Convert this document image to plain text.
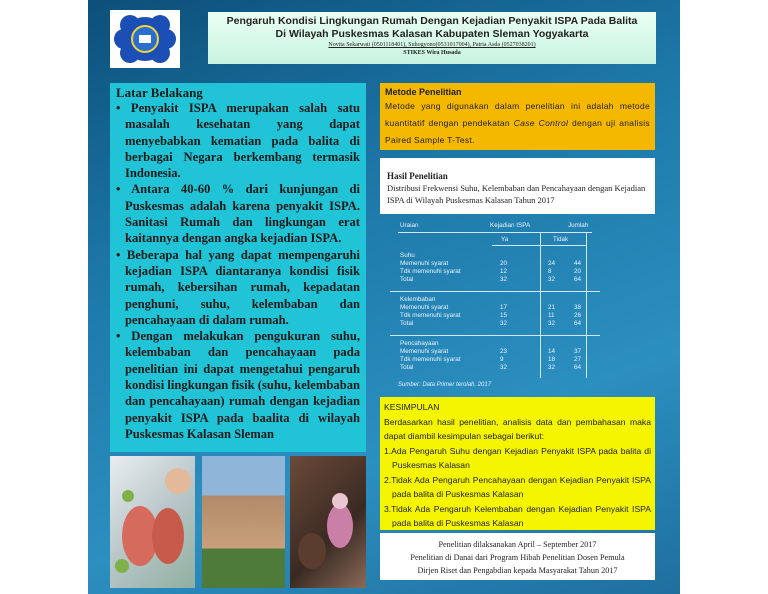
Pengaruh Kondisi Lingkungan Rumah Dengan Kejadian Penyakit ISPA Pada Balita
Di Wilayah Puskesmas Kalasan Kabupaten Sleman Yogyakarta
Novita Sekarwati (0501118401), Suhogyono(0531017004), Patria Asda (0527038201)
STIKES Wira Husada
Latar Belakang
• Penyakit ISPA merupakan salah satu masalah kesehatan yang dapat menyebabkan kematian pada balita di berbagai Negara berkembang termasik Indonesia.
• Antara 40-60 % dari kunjungan di Puskesmas adalah karena penyakit ISPA. Sanitasi Rumah dan lingkungan erat kaitannya dengan angka kejadian ISPA.
• Beberapa hal yang dapat mempengaruhi kejadian ISPA diantaranya kondisi fisik rumah, kebersihan rumah, kepadatan penghuni, suhu, kelembaban dan pencahayaan di dalam rumah.
• Dengan melakukan pengukuran suhu, kelembaban dan pencahayaan pada penelitian ini dapat mengetahui pengaruh kondisi lingkungan fisik (suhu, kelembaban dan pencahayaan) rumah dengan kejadian penyakit ISPA pada baalita di wilayah Puskesmas Kalasan Sleman
Metode Penelitian

Metode yang digunakan dalam penelitian ini adalah metode kuantitatif dengan pendekatan Case Control dengan uji analisis Paired Sample T-Test.

Hasil Penelitian

Distribusi Frekwensi Suhu, Kelembaban dan Pencahayaan dengan Kejadian ISPA di Wilayah Puskesmas Kalasan Tahun 2017

Uraian	Kejadian ISPA	Jumlah
Ya	Tidak
Suhu
Memenuhi syarat	20	24	44
Tdk memenuhi syarat	12	8	20
Total	32	32	64
Kelembaban
Memenuhi syarat	17	21	38
Tdk memenuhi syarat	15	11	26
Total	32	32	64
Pencahayaan
Memenuhi syarat	23	14	37
Tdk memenuhi syarat	9	18	27
Total	32	32	64
Sumber: Data Primer terolah, 2017
KESIMPULAN

Berdasarkan hasil penelitian, analisis data dan pembahasan maka dapat diambil kesimpulan sebagai berikut:

1.Ada Pengaruh Suhu dengan Kejadian Penyakit ISPA pada balita di Puskesmas Kalasan

2.Tidak Ada Pengaruh Pencahayaan dengan Kejadian Penyakit ISPA pada balita di Puskesmas Kalasan

3.Tidak Ada Pengaruh Kelembaban dengan Kejadian Penyakit ISPA pada balita di Puskesmas Kalasan

Penelitian dilaksanakan April – September 2017
Penelitian di Danai dari Program Hibah Penelitian Dosen Pemula
Dirjen Riset dan Pengabdian kepada Masyarakat Tahun 2017
